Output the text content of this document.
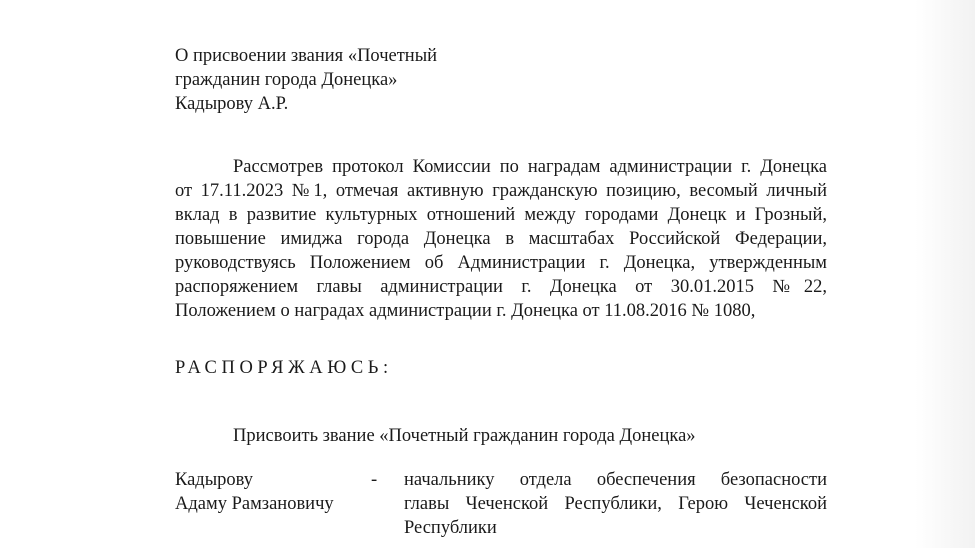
О присвоении звания «Почетный
гражданин города Донецка»
Кадырову А.Р.
Рассмотрев протокол Комиссии по наградам администрации г. Донецка
от 17.11.2023 №1, отмечая активную гражданскую позицию, весомый личный
вклад в развитие культурных отношений между городами Донецк и Грозный,
повышение имиджа города Донецка в масштабах Российской Федерации,
руководствуясь Положением об Администрации г. Донецка, утвержденным
распоряжением главы администрации г. Донецка от 30.01.2015 №22,
Положением о наградах администрации г. Донецка от 11.08.2016 № 1080,
РАСПОРЯЖАЮСЬ:
Присвоить звание «Почетный гражданин города Донецка»
Кадырову
Адаму Рамзановичу
- начальнику отдела обеспечения безопасности
главы Чеченской Республики, Герою Чеченской
Республики
